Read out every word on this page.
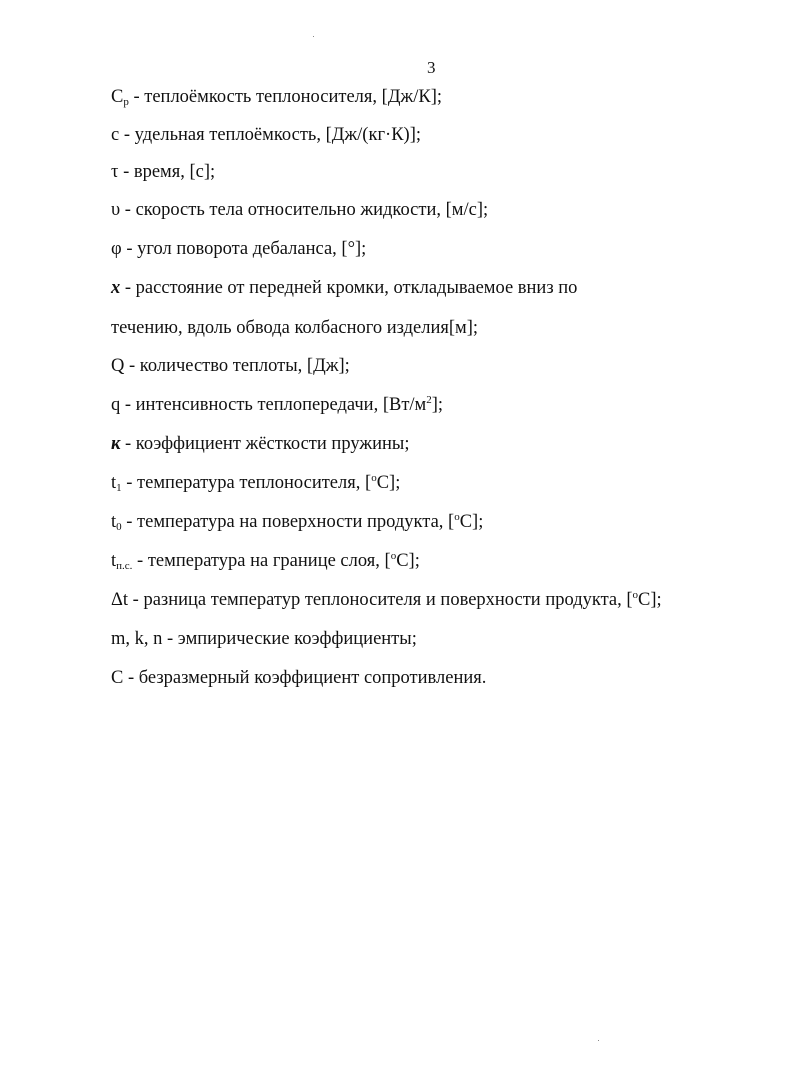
3
$C_p$ - теплоёмкость теплоносителя, [Дж/К];
c - удельная теплоёмкость, [Дж/(кг·К)];
τ - время, [с];
υ - скорость тела относительно жидкости, [м/с];
φ - угол поворота дебаланса, [°];
x - расстояние от передней кромки, откладываемое вниз по
течению, вдоль обвода колбасного изделия[м];
Q - количество теплоты, [Дж];
q - интенсивность теплопередачи, $[Вт/м^2]$;
к - коэффициент жёсткости пружины;
$t_1$ - температура теплоносителя, [$^o$C];
$t_0$ - температура на поверхности продукта, [$^o$C];
$t_{п.с.}$ - температура на границе слоя, [$^o$C];
Δt - разница температур теплоносителя и поверхности продукта, [$^o$C];
m, k, n - эмпирические коэффициенты;
C - безразмерный коэффициент сопротивления.
